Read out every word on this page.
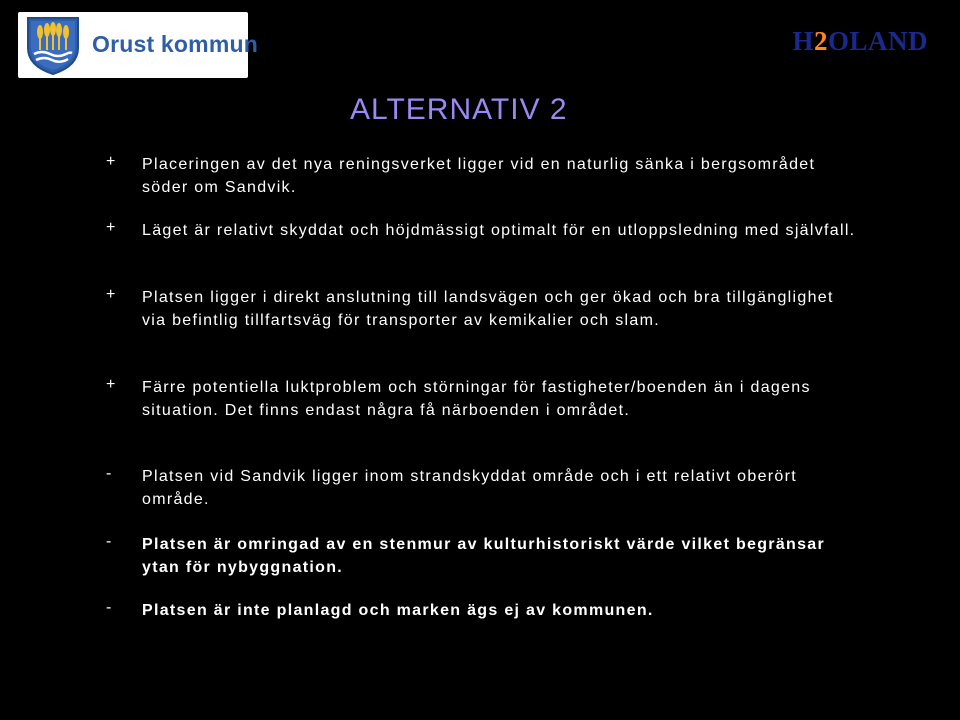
Orust kommun	H2OLAND
ALTERNATIV 2
+	Placeringen av det nya reningsverket ligger vid en naturlig sänka i bergsområdet söder om Sandvik.
+	Läget är relativt skyddat och höjdmässigt optimalt för en utloppsledning med självfall.
+	Platsen ligger i direkt anslutning till landsvägen och ger ökad och bra tillgänglighet via befintlig tillfartsväg för transporter av kemikalier och slam.
+	Färre potentiella luktproblem och störningar för fastigheter/boenden än i dagens situation. Det finns endast några få närboenden i området.
-	Platsen vid Sandvik ligger inom strandskyddat område och i ett relativt oberört område.
-	Platsen är omringad av en stenmur av kulturhistoriskt värde vilket begränsar ytan för nybyggnation.
-	Platsen är inte planlagd och marken ägs ej av kommunen.
